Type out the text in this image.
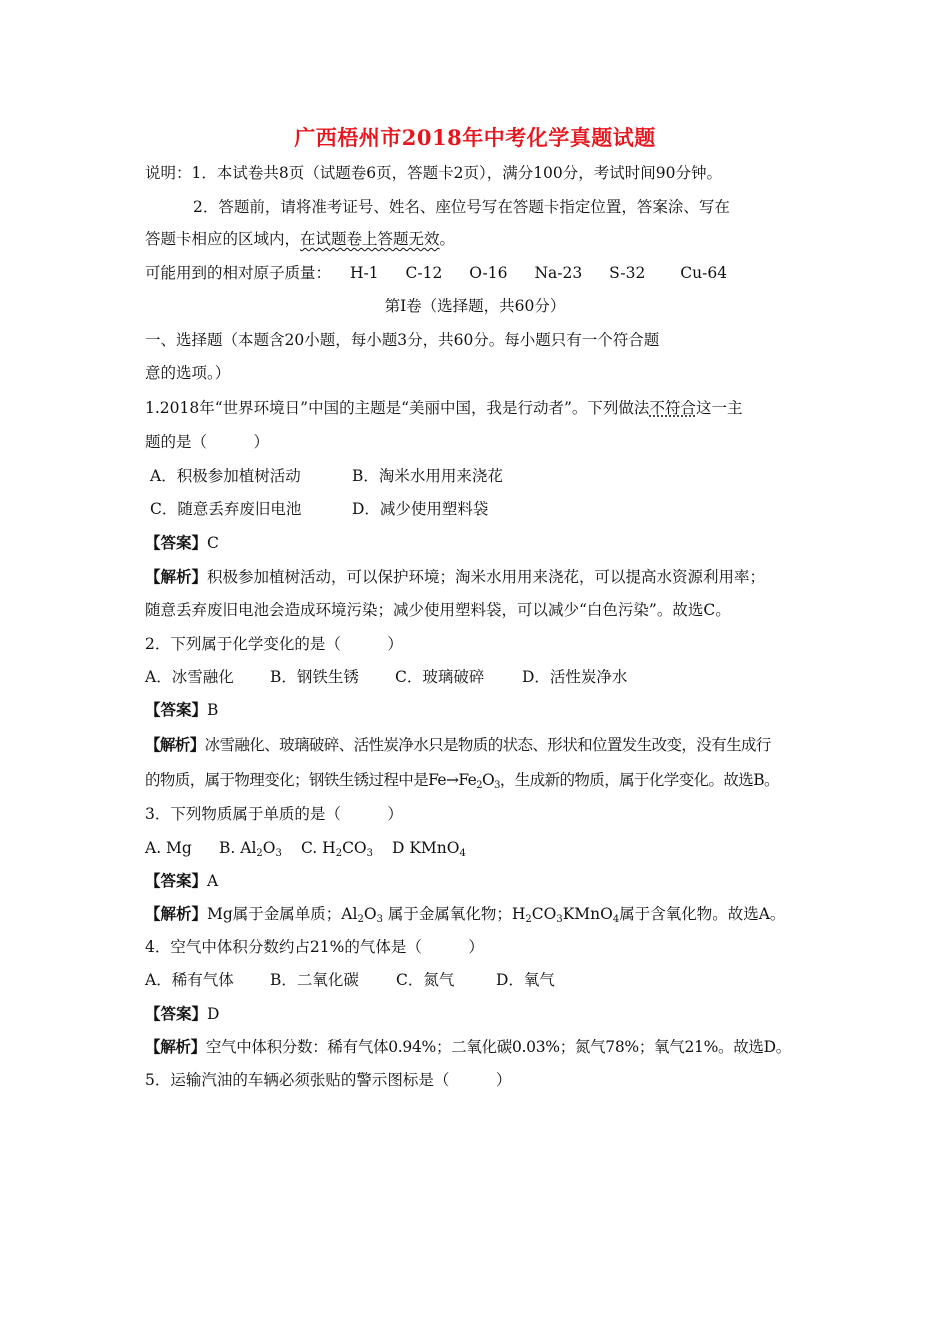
广西梧州市2018年中考化学真题试题
说明：1．本试卷共8页（试题卷6页，答题卡2页），满分100分，考试时间90分钟。
2．答题前，请将准考证号、姓名、座位号写在答题卡指定位置，答案涂、写在
答题卡相应的区域内，在试题卷上答题无效。
可能用到的相对原子质量： H-1 C-12 O-16 Na-23 S-32 Cu-64
第Ⅰ卷（选择题，共60分）
一、选择题（本题含20小题，每小题3分，共60分。每小题只有一个符合题
意的选项。）
1.2018年“世界环境日”中国的主题是“美丽中国，我是行动者”。下列做法不符合这一主
题的是（　　　）
A．积极参加植树活动	B．淘米水用用来浇花
C．随意丢弃废旧电池	D．减少使用塑料袋
【答案】C
【解析】积极参加植树活动，可以保护环境；淘米水用用来浇花，可以提高水资源利用率；
随意丢弃废旧电池会造成环境污染；减少使用塑料袋，可以减少“白色污染”。故选C。
2．下列属于化学变化的是（　　　）
A．冰雪融化 B．钢铁生锈 C．玻璃破碎 D．活性炭净水
【答案】B
【解析】冰雪融化、玻璃破碎、活性炭净水只是物质的状态、形状和位置发生改变，没有生成行
的物质，属于物理变化；钢铁生锈过程中是$Fe\to Fe_2O_3$，生成新的物质，属于化学变化。故选B。
3．下列物质属于单质的是（　　　）
A. Mg B. $Al_2O_3$ C. $H_2CO_3$ D KMnO$_4$
【答案】A
【解析】Mg属于金属单质；$Al_2O_3$ 属于金属氧化物；$H_2CO_3KMnO_4$属于含氧化物。故选A。
4．空气中体积分数约占21%的气体是（　　　）
A．稀有气体 B．二氧化碳 C．氮气	D．氧气
【答案】D
【解析】空气中体积分数：稀有气体0.94%；二氧化碳0.03%；氮气78%；氧气21%。故选D。
5．运输汽油的车辆必须张贴的警示图标是（　　　）
